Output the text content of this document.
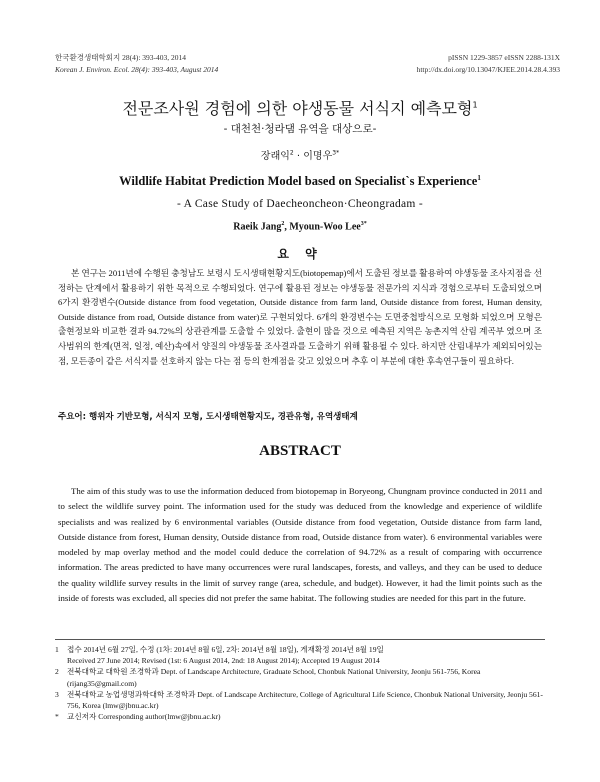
한국환경생태학회지 28(4): 393-403, 2014
Korean J. Environ. Ecol. 28(4): 393-403, August 2014
pISSN 1229-3857 eISSN 2288-131X
http://dx.doi.org/10.13047/KJEE.2014.28.4.393
전문조사원 경험에 의한 야생동물 서식지 예측모형$^1$
- 대천천·청라댐 유역을 대상으로-
장래익$^2$ · 이명우$^{3*}$
Wildlife Habitat Prediction Model based on Specialist`s Experience$^1$
- A Case Study of Daecheoncheon·Cheongradam -
Raeik Jang$^2$, Myoun-Woo Lee$^{3*}$
요 약

본 연구는 2011년에 수행된 충청남도 보령시 도시생태현황지도(biotopemap)에서 도출된 정보를 활용하여 야생동물 조사지점을 선정하는 단계에서 활용하기 위한 목적으로 수행되었다. 연구에 활용된 정보는 야생동물 전문가의 지식과 경험으로부터 도출되었으며 6가지 환경변수(Outside distance from food vegetation, Outside distance from farm land, Outside distance from forest, Human density, Outside distance from road, Outside distance from water)로 구현되었다. 6개의 환경변수는 도면중첩방식으로 모형화 되었으며 모형은 출현정보와 비교한 결과 94.72%의 상관관계를 도출할 수 있었다. 출현이 많을 것으로 예측된 지역은 농촌지역 산림 계곡부 였으며 조사범위의 한계(면적, 일정, 예산)속에서 양질의 야생동물 조사결과를 도출하기 위해 활용될 수 있다. 하지만 산림내부가 제외되어있는 점, 모든종이 같은 서식지를 선호하지 않는 다는 점 등의 한계점을 갖고 있었으며 추후 이 부분에 대한 후속연구들이 필요하다.

주요어: 행위자 기반모형, 서식지 모형, 도시생태현황지도, 경관유형, 유역생태계
ABSTRACT

The aim of this study was to use the information deduced from biotopemap in Boryeong, Chungnam province conducted in 2011 and to select the wildlife survey point. The information used for the study was deduced from the knowledge and experience of wildlife specialists and was realized by 6 environmental variables (Outside distance from food vegetation, Outside distance from farm land, Outside distance from forest, Human density, Outside distance from road, Outside distance from water). 6 environmental variables were modeled by map overlay method and the model could deduce the correlation of 94.72% as a result of comparing with occurrence information. The areas predicted to have many occurrences were rural landscapes, forests, and valleys, and they can be used to deduce the quality wildlife survey results in the limit of survey range (area, schedule, and budget). However, it had the limit points such as the inside of forests was excluded, all species did not prefer the same habitat. The following studies are needed for this part in the future.

1 접수 2014년 6월 27일, 수정 (1차: 2014년 8월 6일, 2차: 2014년 8월 18일), 게재확정 2014년 8월 19일
Received 27 June 2014; Revised (1st: 6 August 2014, 2nd: 18 August 2014); Accepted 19 August 2014
2 전북대학교 대학원 조경학과 Dept. of Landscape Architecture, Graduate School, Chonbuk National University, Jeonju 561-756, Korea (rijang35@gmail.com)
3 전북대학교 농업생명과학대학 조경학과 Dept. of Landscape Architecture, College of Agricultural Life Science, Chonbuk National University, Jeonju 561-756, Korea (lmw@jbnu.ac.kr)
* 교신저자 Corresponding author(lmw@jbnu.ac.kr)
